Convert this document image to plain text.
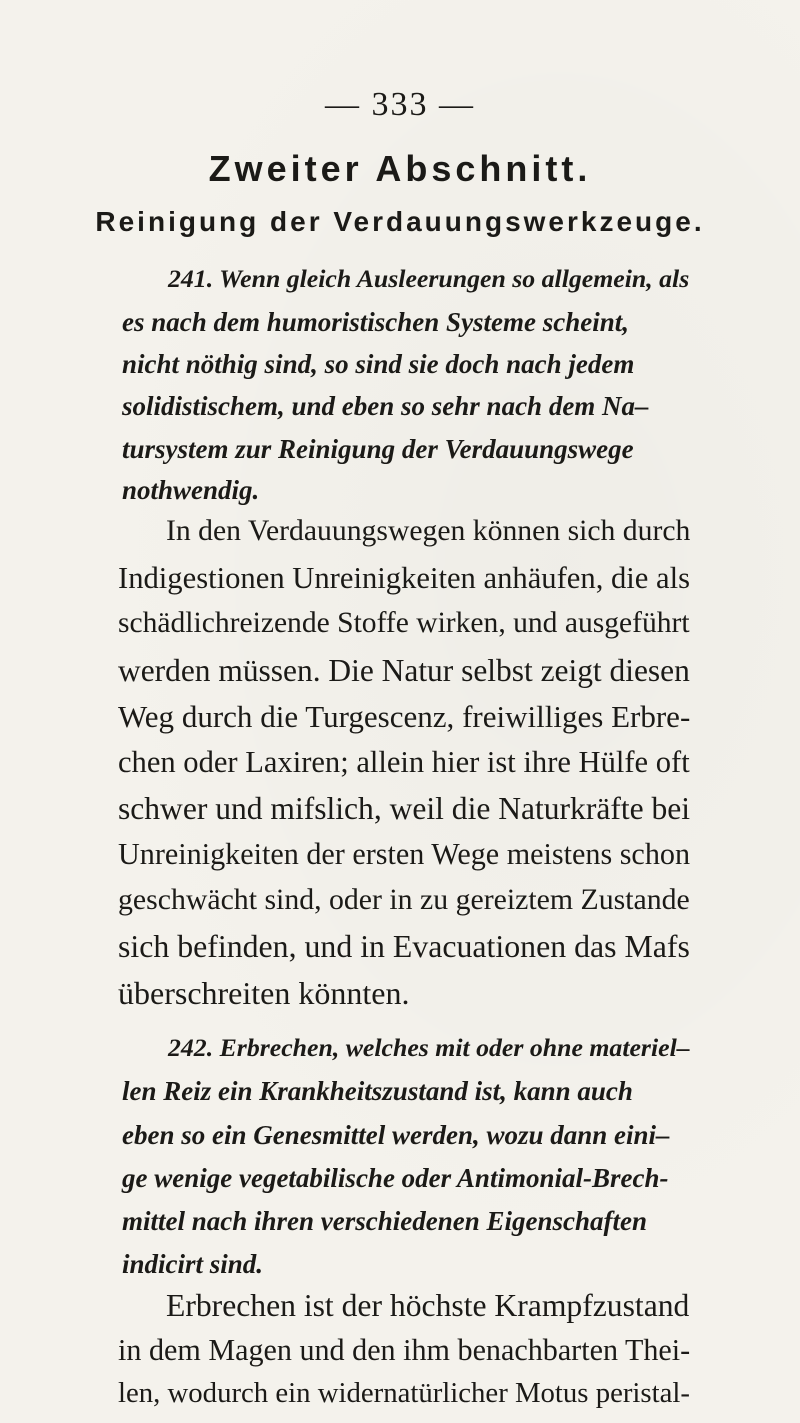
— 333 —
Zweiter Abschnitt.
Reinigung der Verdauungswerkzeuge.
241. Wenn gleich Ausleerungen so allgemein, als
es nach dem humoristischen Systeme scheint,
nicht nöthig sind, so sind sie doch nach jedem
solidistischem, und eben so sehr nach dem Na–
tursystem zur Reinigung der Verdauungswege
nothwendig.
In den Verdauungswegen können sich durch
Indigestionen Unreinigkeiten anhäufen, die als
schädlichreizende Stoffe wirken, und ausgeführt
werden müssen. Die Natur selbst zeigt diesen
Weg durch die Turgescenz, freiwilliges Erbre-
chen oder Laxiren; allein hier ist ihre Hülfe oft
schwer und mifslich, weil die Naturkräfte bei
Unreinigkeiten der ersten Wege meistens schon
geschwächt sind, oder in zu gereiztem Zustande
sich befinden, und in Evacuationen das Mafs
überschreiten könnten.
242. Erbrechen, welches mit oder ohne materiel–
len Reiz ein Krankheitszustand ist, kann auch
eben so ein Genesmittel werden, wozu dann eini–
ge wenige vegetabilische oder Antimonial-Brech-
mittel nach ihren verschiedenen Eigenschaften
indicirt sind.
Erbrechen ist der höchste Krampfzustand
in dem Magen und den ihm benachbarten Thei-
len, wodurch ein widernatürlicher Motus peristal-
